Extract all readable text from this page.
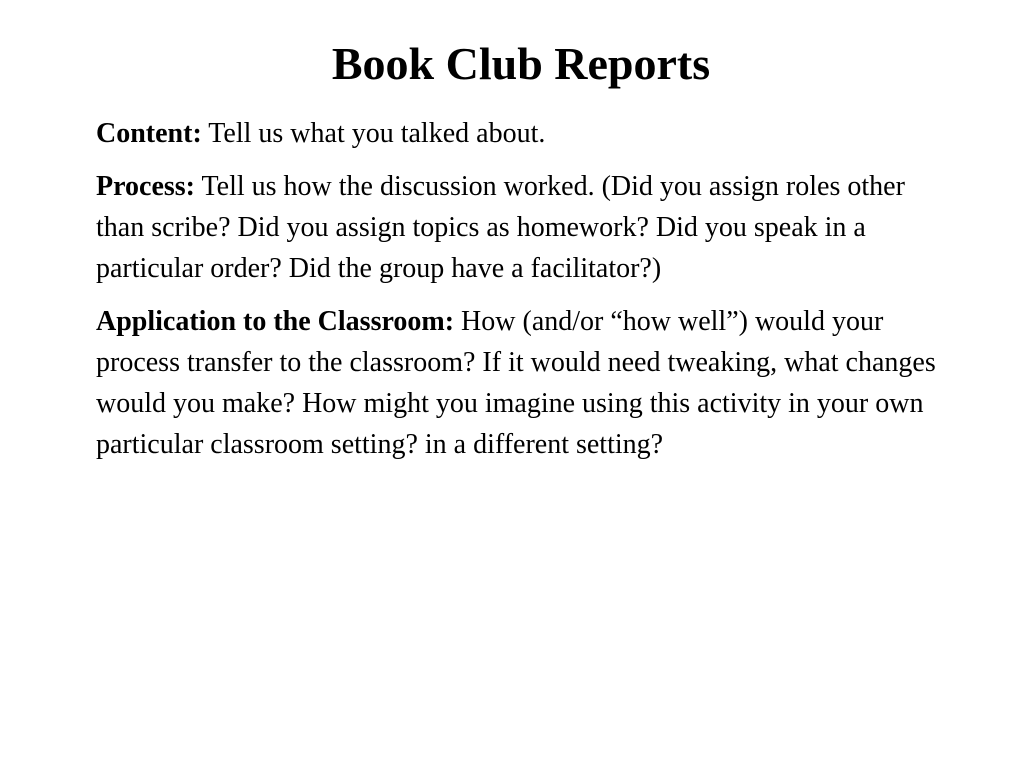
Book Club Reports

Content: Tell us what you talked about.

Process: Tell us how the discussion worked. (Did you assign roles other than scribe? Did you assign topics as homework? Did you speak in a particular order? Did the group have a facilitator?)

Application to the Classroom: How (and/or “how well”) would your process transfer to the classroom? If it would need tweaking, what changes would you make? How might you imagine using this activity in your own particular classroom setting? in a different setting?
